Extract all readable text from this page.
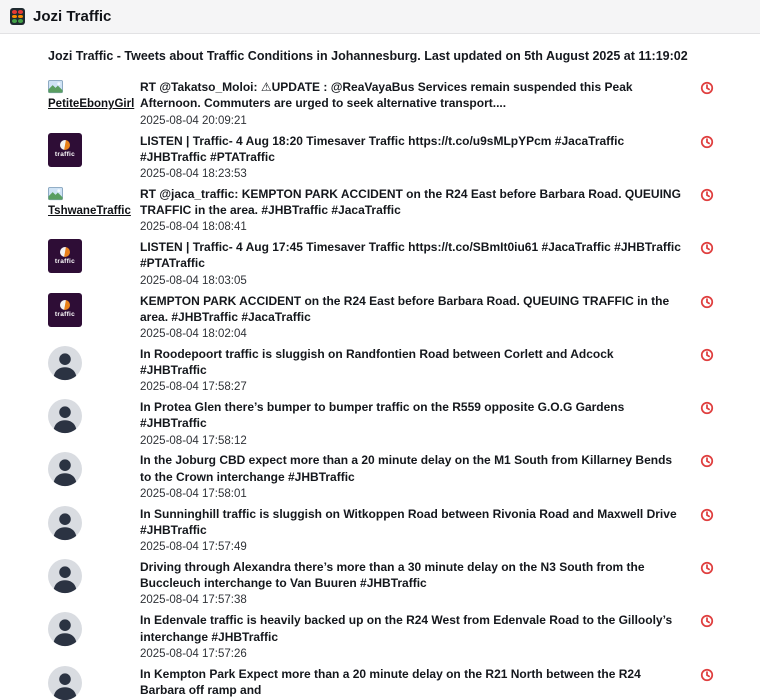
Jozi Traffic
Jozi Traffic - Tweets about Traffic Conditions in Johannesburg. Last updated on 5th August 2025 at 11:19:02
PetiteEbonyGirl
RT @Takatso_Moloi: ⚠UPDATE : @ReaVayaBus Services remain suspended this Peak Afternoon. Commuters are urged to seek alternative transport....
2025-08-04 20:09:21
traffic
LISTEN | Traffic- 4 Aug 18:20 Timesaver Traffic https://t.co/u9sMLpYPcm #JacaTraffic #JHBTraffic #PTATraffic
2025-08-04 18:23:53
TshwaneTraffic
RT @jaca_traffic: KEMPTON PARK ACCIDENT on the R24 East before Barbara Road. QUEUING TRAFFIC in the area. #JHBTraffic #JacaTraffic
2025-08-04 18:08:41
traffic
LISTEN | Traffic- 4 Aug 17:45 Timesaver Traffic https://t.co/SBmIt0iu61 #JacaTraffic #JHBTraffic #PTATraffic
2025-08-04 18:03:05
traffic
KEMPTON PARK ACCIDENT on the R24 East before Barbara Road. QUEUING TRAFFIC in the area. #JHBTraffic #JacaTraffic
2025-08-04 18:02:04
In Roodepoort traffic is sluggish on Randfontien Road between Corlett and Adcock #JHBTraffic
2025-08-04 17:58:27
In Protea Glen there’s bumper to bumper traffic on the R559 opposite G.O.G Gardens #JHBTraffic
2025-08-04 17:58:12
In the Joburg CBD expect more than a 20 minute delay on the M1 South from Killarney Bends to the Crown interchange #JHBTraffic
2025-08-04 17:58:01
In Sunninghill traffic is sluggish on Witkoppen Road between Rivonia Road and Maxwell Drive #JHBTraffic
2025-08-04 17:57:49
Driving through Alexandra there’s more than a 30 minute delay on the N3 South from the Buccleuch interchange to Van Buuren #JHBTraffic
2025-08-04 17:57:38
In Edenvale traffic is heavily backed up on the R24 West from Edenvale Road to the Gillooly’s interchange #JHBTraffic
2025-08-04 17:57:26
In Kempton Park Expect more than a 20 minute delay on the R21 North between the R24 Barbara off ramp and
